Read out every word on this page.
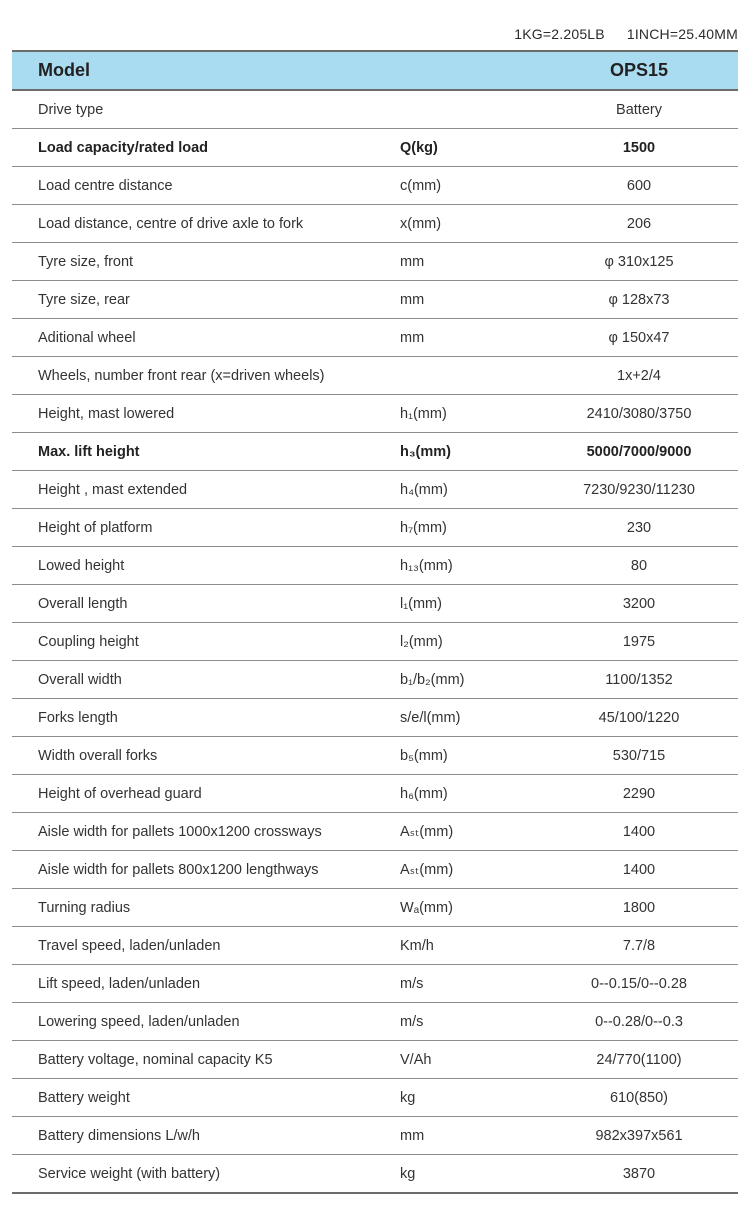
1KG=2.205LB 1INCH=25.40MM
Model		OPS15
Drive type		Battery
Load capacity/rated load	Q(kg)	1500
Load centre distance	c(mm)	600
Load distance, centre of drive axle to fork	x(mm)	206
Tyre size, front	mm	φ 310x125
Tyre size, rear	mm	φ 128x73
Aditional wheel	mm	φ 150x47
Wheels, number front rear (x=driven wheels)		1x+2/4
Height, mast lowered	h₁(mm)	2410/3080/3750
Max. lift height	h₃(mm)	5000/7000/9000
Height , mast extended	h₄(mm)	7230/9230/11230
Height of platform	h₇(mm)	230
Lowed height	h₁₃(mm)	80
Overall length	l₁(mm)	3200
Coupling height	l₂(mm)	1975
Overall width	b₁/b₂(mm)	1100/1352
Forks length	s/e/l(mm)	45/100/1220
Width overall forks	b₅(mm)	530/715
Height of overhead guard	h₆(mm)	2290
Aisle width for pallets 1000x1200 crossways	Aₛₜ(mm)	1400
Aisle width for pallets 800x1200 lengthways	Aₛₜ(mm)	1400
Turning radius	Wₐ(mm)	1800
Travel speed, laden/unladen	Km/h	7.7/8
Lift speed, laden/unladen	m/s	0--0.15/0--0.28
Lowering speed, laden/unladen	m/s	0--0.28/0--0.3
Battery voltage, nominal capacity K5	V/Ah	24/770(1100)
Battery weight	kg	610(850)
Battery dimensions L/w/h	mm	982x397x561
Service weight (with battery)	kg	3870
